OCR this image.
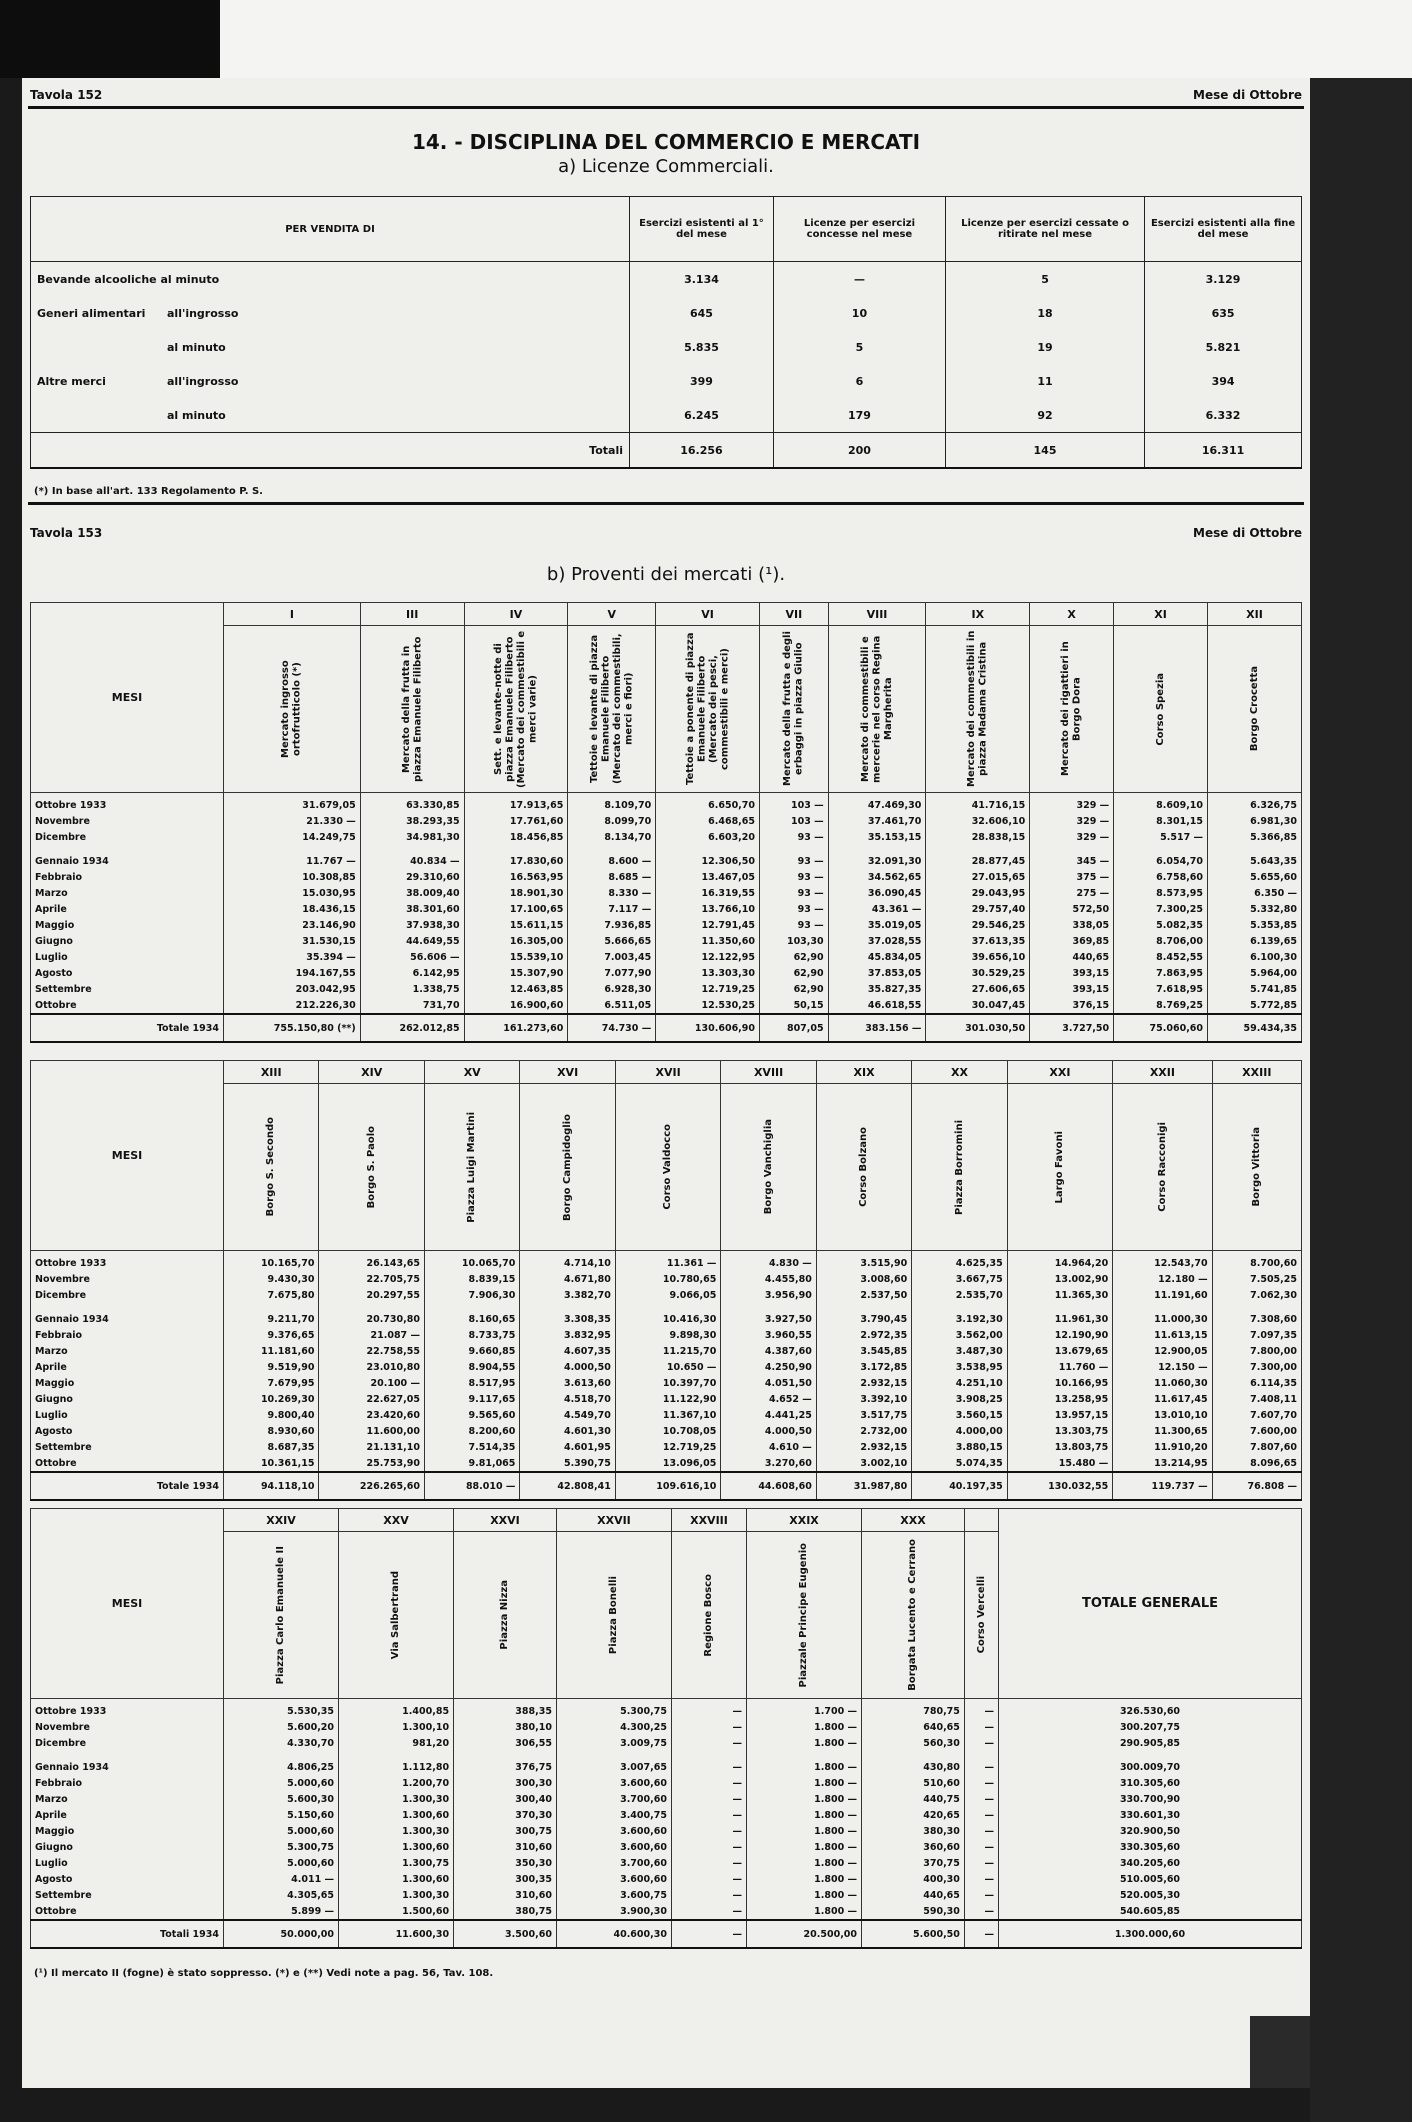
Tavola 152	Mese di Ottobre
14. - DISCIPLINA DEL COMMERCIO E MERCATI
a) Licenze Commerciali.
PER VENDITA DI	Esercizi esistenti al 1° del mese	Licenze per esercizi concesse nel mese	Licenze per esercizi cessate o ritirate nel mese	Esercizi esistenti alla fine del mese
Bevande alcooliche al minuto	3.134	—	5	3.129
Generi alimentari all'ingrosso	645	10	18	635
al minuto	5.835	5	19	5.821
Altre merci all'ingrosso	399	6	11	394
al minuto	6.245	179	92	6.332
Totali	16.256	200	145	16.311
(*) In base all'art. 133 Regolamento P. S.
Tavola 153	Mese di Ottobre
b) Proventi dei mercati (¹).
MESI	I	III	IV	V	VI	VII	VIII	IX	X	XI	XII

	Mercato ingrosso ortofrutticolo (*)	Mercato della frutta in piazza Emanuele Filiberto	Sett. e levante-notte di piazza Emanuele Filiberto (Mercato dei commestibili e merci varie)	Tettoie e levante di piazza Emanuele Filiberto (Mercato dei commestibili, merci e fiori)	Tettoie a ponente di piazza Emanuele Filiberto (Mercato dei pesci, commestibili e merci)	Mercato della frutta e degli erbaggi in piazza Giulio	Mercato di commestibili e mercerie nel corso Regina Margherita	Mercato dei commestibili in piazza Madama Cristina	Mercato dei rigattieri in Borgo Dora	Corso Spezia	Borgo Crocetta

Ottobre 1933	31.679,05	63.330,85	17.913,65	8.109,70	6.650,70	103 —	47.469,30	41.716,15	329 —	8.609,10	6.326,75
Novembre	21.330 —	38.293,35	17.761,60	8.099,70	6.468,65	103 —	37.461,70	32.606,10	329 —	8.301,15	6.981,30
Dicembre	14.249,75	34.981,30	18.456,85	8.134,70	6.603,20	93 —	35.153,15	28.838,15	329 —	5.517 —	5.366,85

Gennaio 1934	11.767 —	40.834 —	17.830,60	8.600 —	12.306,50	93 —	32.091,30	28.877,45	345 —	6.054,70	5.643,35
Febbraio	10.308,85	29.310,60	16.563,95	8.685 —	13.467,05	93 —	34.562,65	27.015,65	375 —	6.758,60	5.655,60
Marzo	15.030,95	38.009,40	18.901,30	8.330 —	16.319,55	93 —	36.090,45	29.043,95	275 —	8.573,95	6.350 —
Aprile	18.436,15	38.301,60	17.100,65	7.117 —	13.766,10	93 —	43.361 —	29.757,40	572,50	7.300,25	5.332,80
Maggio	23.146,90	37.938,30	15.611,15	7.936,85	12.791,45	93 —	35.019,05	29.546,25	338,05	5.082,35	5.353,85
Giugno	31.530,15	44.649,55	16.305,00	5.666,65	11.350,60	103,30	37.028,55	37.613,35	369,85	8.706,00	6.139,65
Luglio	35.394 —	56.606 —	15.539,10	7.003,45	12.122,95	62,90	45.834,05	39.656,10	440,65	8.452,55	6.100,30
Agosto	194.167,55	6.142,95	15.307,90	7.077,90	13.303,30	62,90	37.853,05	30.529,25	393,15	7.863,95	5.964,00
Settembre	203.042,95	1.338,75	12.463,85	6.928,30	12.719,25	62,90	35.827,35	27.606,65	393,15	7.618,95	5.741,85
Ottobre	212.226,30	731,70	16.900,60	6.511,05	12.530,25	50,15	46.618,55	30.047,45	376,15	8.769,25	5.772,85
Totale 1934	755.150,80 (**)	262.012,85	161.273,60	74.730 —	130.606,90	807,05	383.156 —	301.030,50	3.727,50	75.060,60	59.434,35
MESI	XIII	XIV	XV	XVI	XVII	XVIII	XIX	XX	XXI	XXII	XXIII

	Borgo S. Secondo	Borgo S. Paolo	Piazza Luigi Martini	Borgo Campidoglio	Corso Valdocco	Borgo Vanchiglia	Corso Bolzano	Piazza Borromini	Largo Favoni	Corso Racconigi	Borgo Vittoria

Ottobre 1933	10.165,70	26.143,65	10.065,70	4.714,10	11.361 —	4.830 —	3.515,90	4.625,35	14.964,20	12.543,70	8.700,60
Novembre	9.430,30	22.705,75	8.839,15	4.671,80	10.780,65	4.455,80	3.008,60	3.667,75	13.002,90	12.180 —	7.505,25
Dicembre	7.675,80	20.297,55	7.906,30	3.382,70	9.066,05	3.956,90	2.537,50	2.535,70	11.365,30	11.191,60	7.062,30

Gennaio 1934	9.211,70	20.730,80	8.160,65	3.308,35	10.416,30	3.927,50	3.790,45	3.192,30	11.961,30	11.000,30	7.308,60
Febbraio	9.376,65	21.087 —	8.733,75	3.832,95	9.898,30	3.960,55	2.972,35	3.562,00	12.190,90	11.613,15	7.097,35
Marzo	11.181,60	22.758,55	9.660,85	4.607,35	11.215,70	4.387,60	3.545,85	3.487,30	13.679,65	12.900,05	7.800,00
Aprile	9.519,90	23.010,80	8.904,55	4.000,50	10.650 —	4.250,90	3.172,85	3.538,95	11.760 —	12.150 —	7.300,00
Maggio	7.679,95	20.100 —	8.517,95	3.613,60	10.397,70	4.051,50	2.932,15	4.251,10	10.166,95	11.060,30	6.114,35
Giugno	10.269,30	22.627,05	9.117,65	4.518,70	11.122,90	4.652 —	3.392,10	3.908,25	13.258,95	11.617,45	7.408,11
Luglio	9.800,40	23.420,60	9.565,60	4.549,70	11.367,10	4.441,25	3.517,75	3.560,15	13.957,15	13.010,10	7.607,70
Agosto	8.930,60	11.600,00	8.200,60	4.601,30	10.708,05	4.000,50	2.732,00	4.000,00	13.303,75	11.300,65	7.600,00
Settembre	8.687,35	21.131,10	7.514,35	4.601,95	12.719,25	4.610 —	2.932,15	3.880,15	13.803,75	11.910,20	7.807,60
Ottobre	10.361,15	25.753,90	9.81,065	5.390,75	13.096,05	3.270,60	3.002,10	5.074,35	15.480 —	13.214,95	8.096,65
Totale 1934	94.118,10	226.265,60	88.010 —	42.808,41	109.616,10	44.608,60	31.987,80	40.197,35	130.032,55	119.737 —	76.808 —
MESI	XXIV	XXV	XXVI	XXVII	XXVIII	XXIX	XXX		TOTALE GENERALE

	Piazza Carlo Emanuele II	Via Salbertrand	Piazza Nizza	Piazza Bonelli	Regione Bosco	Piazzale Principe Eugenio	Borgata Lucento e Cerrano	Corso Vercelli	

Ottobre 1933	5.530,35	1.400,85	388,35	5.300,75	—	1.700 —	780,75	—	326.530,60
Novembre	5.600,20	1.300,10	380,10	4.300,25	—	1.800 —	640,65	—	300.207,75
Dicembre	4.330,70	981,20	306,55	3.009,75	—	1.800 —	560,30	—	290.905,85

Gennaio 1934	4.806,25	1.112,80	376,75	3.007,65	—	1.800 —	430,80	—	300.009,70
Febbraio	5.000,60	1.200,70	300,30	3.600,60	—	1.800 —	510,60	—	310.305,60
Marzo	5.600,30	1.300,30	300,40	3.700,60	—	1.800 —	440,75	—	330.700,90
Aprile	5.150,60	1.300,60	370,30	3.400,75	—	1.800 —	420,65	—	330.601,30
Maggio	5.000,60	1.300,30	300,75	3.600,60	—	1.800 —	380,30	—	320.900,50
Giugno	5.300,75	1.300,60	310,60	3.600,60	—	1.800 —	360,60	—	330.305,60
Luglio	5.000,60	1.300,75	350,30	3.700,60	—	1.800 —	370,75	—	340.205,60
Agosto	4.011 —	1.300,60	300,35	3.600,60	—	1.800 —	400,30	—	510.005,60
Settembre	4.305,65	1.300,30	310,60	3.600,75	—	1.800 —	440,65	—	520.005,30
Ottobre	5.899 —	1.500,60	380,75	3.900,30	—	1.800 —	590,30	—	540.605,85
Totali 1934	50.000,00	11.600,30	3.500,60	40.600,30	—	20.500,00	5.600,50	—	1.300.000,60
(¹) Il mercato II (fogne) è stato soppresso. (*) e (**) Vedi note a pag. 56, Tav. 108.
